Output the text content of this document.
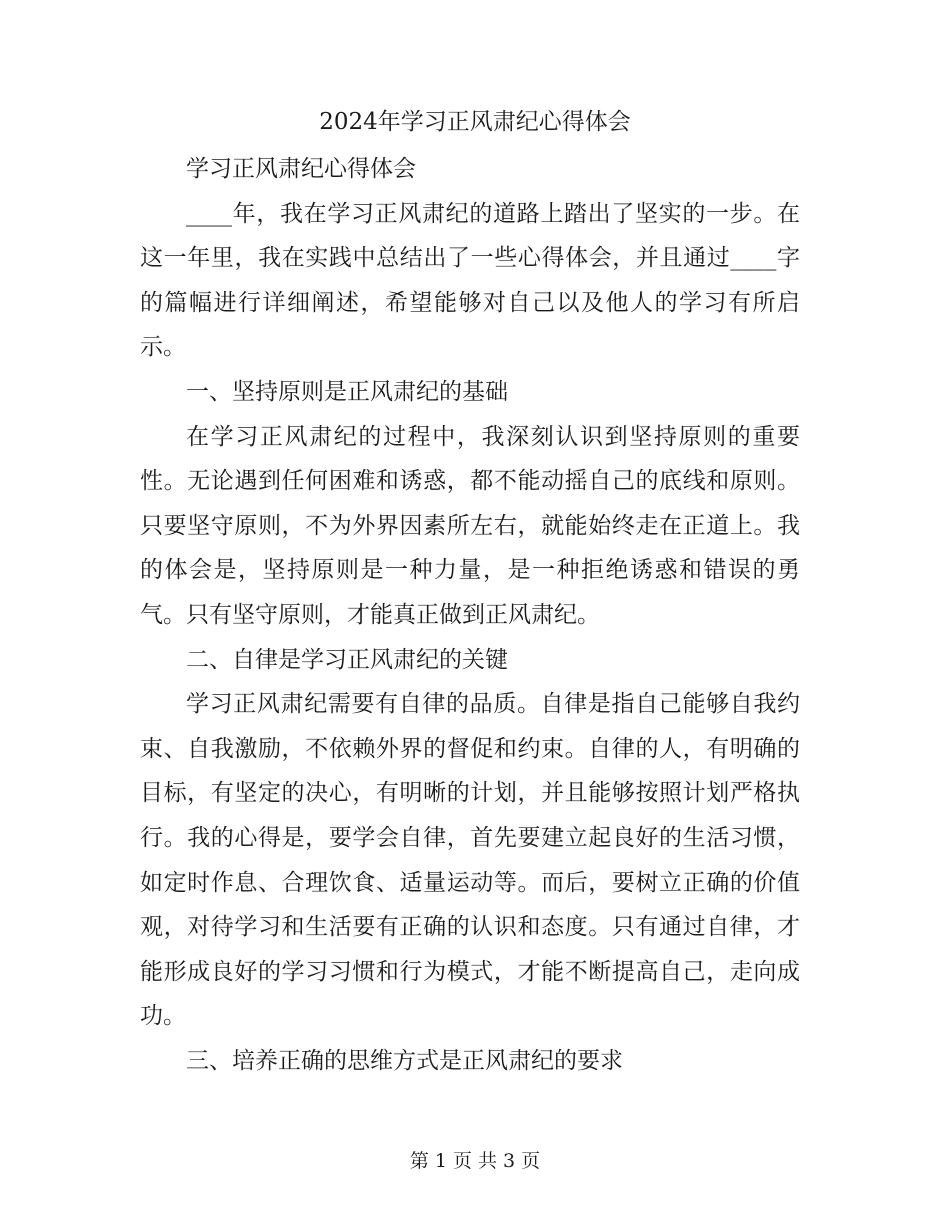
2024年学习正风肃纪心得体会

学习正风肃纪心得体会

____年，我在学习正风肃纪的道路上踏出了坚实的一步。在这一年里，我在实践中总结出了一些心得体会，并且通过____字的篇幅进行详细阐述，希望能够对自己以及他人的学习有所启示。

一、坚持原则是正风肃纪的基础

在学习正风肃纪的过程中，我深刻认识到坚持原则的重要性。无论遇到任何困难和诱惑，都不能动摇自己的底线和原则。只要坚守原则，不为外界因素所左右，就能始终走在正道上。我的体会是，坚持原则是一种力量，是一种拒绝诱惑和错误的勇气。只有坚守原则，才能真正做到正风肃纪。

二、自律是学习正风肃纪的关键

学习正风肃纪需要有自律的品质。自律是指自己能够自我约束、自我激励，不依赖外界的督促和约束。自律的人，有明确的目标，有坚定的决心，有明晰的计划，并且能够按照计划严格执行。我的心得是，要学会自律，首先要建立起良好的生活习惯，如定时作息、合理饮食、适量运动等。而后，要树立正确的价值观，对待学习和生活要有正确的认识和态度。只有通过自律，才能形成良好的学习习惯和行为模式，才能不断提高自己，走向成功。

三、培养正确的思维方式是正风肃纪的要求

第 1 页 共 3 页
